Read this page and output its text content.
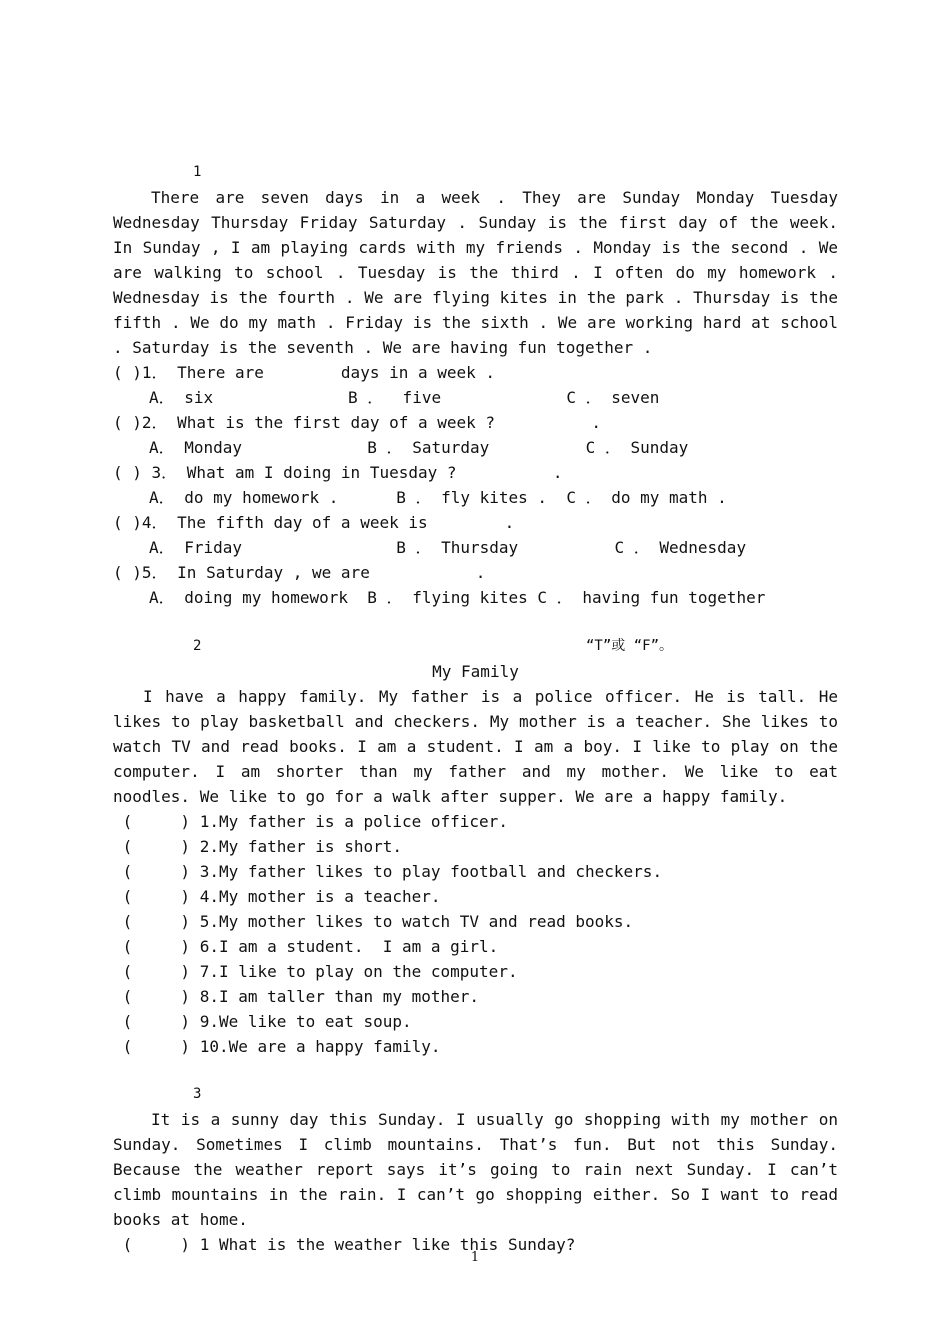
1

There are seven days in a week . They are Sunday Monday Tuesday Wednesday Thursday Friday Saturday . Sunday is the first day of the week. In Sunday , I am playing cards with my friends . Monday is the second . We are walking to school . Tuesday is the third . I often do my homework . Wednesday is the fourth . We are flying kites in the park . Thursday is the fifth . We do my math . Friday is the sixth . We are working hard at school . Saturday is the seventh . We are having fun together .

( )1． There are        days in a week .
A． six              B ．  five             C ． seven
( )2． What is the first day of a week ?          .
A． Monday             B ． Saturday          C ． Sunday
( ) 3． What am I doing in Tuesday ?          .
A． do my homework .      B ． fly kites .  C ． do my math .
( )4． The fifth day of a week is        .
A． Friday                B ． Thursday          C ． Wednesday
( )5． In Saturday , we are           .
A． doing my homework  B ． flying kites C ． having fun together
2	“T”或 “F”。
My Family

I have a happy family. My father is a police officer. He is tall. He likes to play basketball and checkers. My mother is a teacher. She likes to watch TV and read books. I am a student. I am a boy. I like to play on the computer. I am shorter than my father and my mother. We like to eat noodles. We like to go for a walk after supper. We are a happy family.

(     ) 1.My father is a police officer.
(     ) 2.My father is short.
(     ) 3.My father likes to play football and checkers.
(     ) 4.My mother is a teacher.
(     ) 5.My mother likes to watch TV and read books.
(     ) 6.I am a student.  I am a girl.
(     ) 7.I like to play on the computer.
(     ) 8.I am taller than my mother.
(     ) 9.We like to eat soup.
(     ) 10.We are a happy family.
3

It is a sunny day this Sunday. I usually go shopping with my mother on Sunday. Sometimes I climb mountains. That’s fun. But not this Sunday. Because the weather report says it’s going to rain next Sunday. I can’t climb mountains in the rain. I can’t go shopping either. So I want to read books at home.

(     ) 1 What is the weather like this Sunday?
1
